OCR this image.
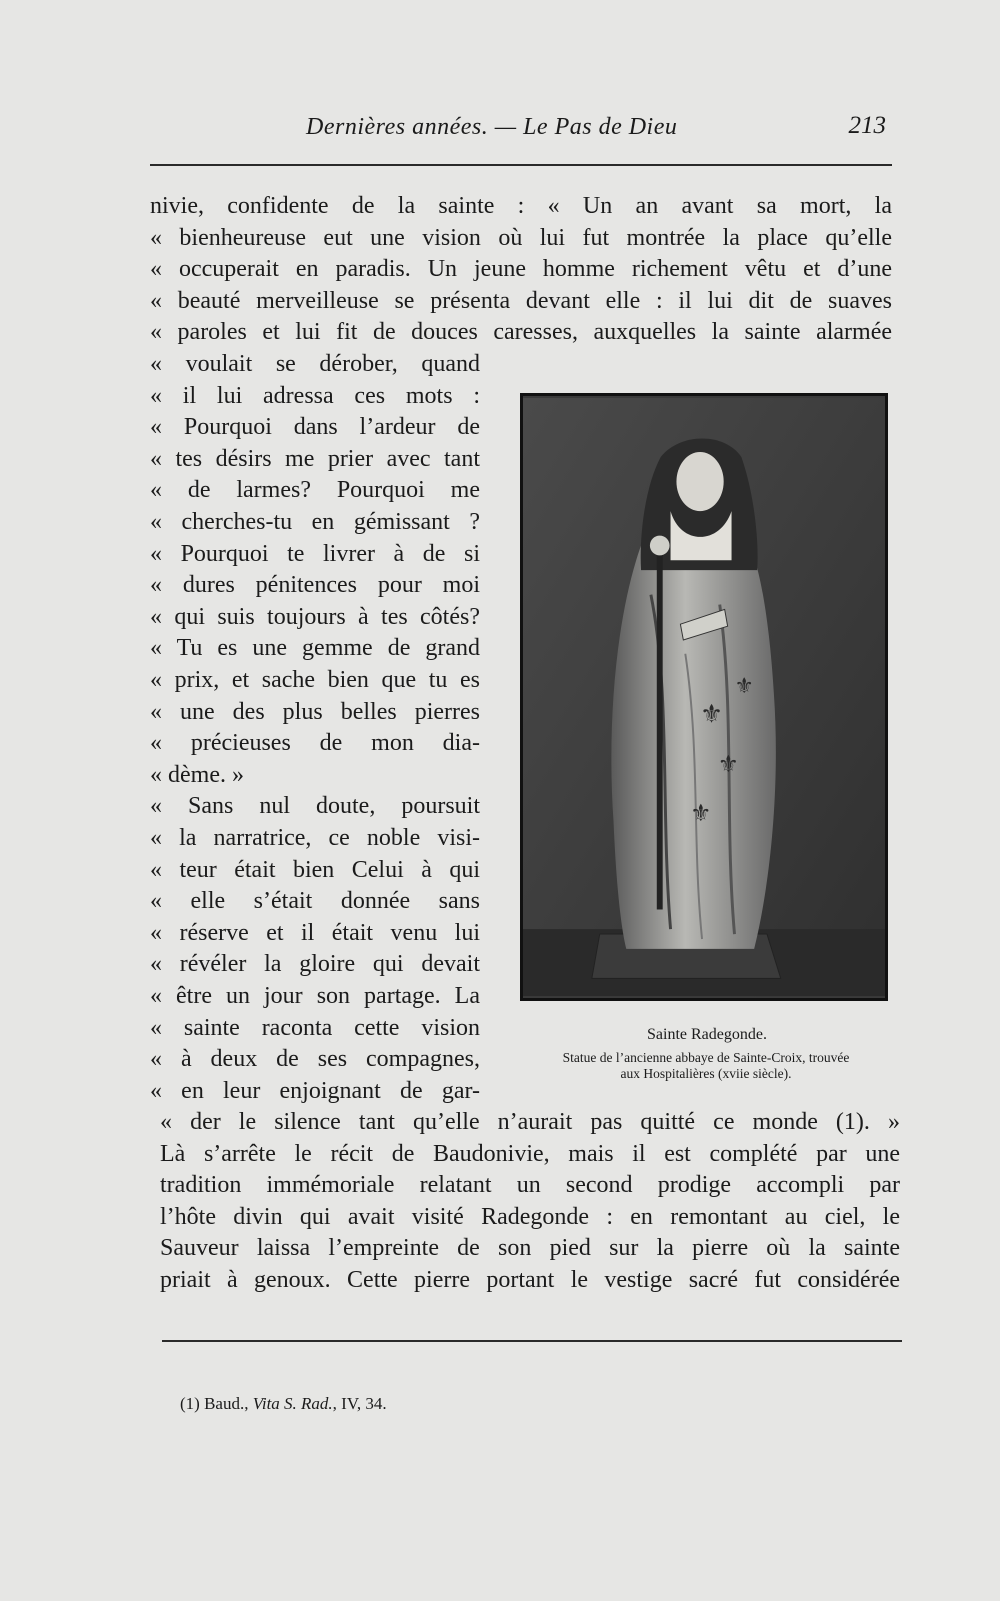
Dernières années. — Le Pas de Dieu	213
nivie, confidente de la sainte : « Un an avant sa mort, la
« bienheureuse eut une vision où lui fut montrée la place qu’elle
« occuperait en paradis. Un jeune homme richement vêtu et d’une
« beauté merveilleuse se présenta devant elle : il lui dit de suaves
« paroles et lui fit de douces caresses, auxquelles la sainte alarmée
« voulait se dérober, quand
« il lui adressa ces mots :
« Pourquoi dans l’ardeur de
« tes désirs me prier avec tant
« de larmes? Pourquoi me
« cherches-tu en gémissant ?
« Pourquoi te livrer à de si
« dures pénitences pour moi
« qui suis toujours à tes côtés?
« Tu es une gemme de grand
« prix, et sache bien que tu es
« une des plus belles pierres
« précieuses de mon dia-
« dème. »
« Sans nul doute, poursuit
« la narratrice, ce noble visi-
« teur était bien Celui à qui
« elle s’était donnée sans
« réserve et il était venu lui
« révéler la gloire qui devait
« être un jour son partage. La
« sainte raconta cette vision
« à deux de ses compagnes,
« en leur enjoignant de gar-
« der le silence tant qu’elle n’aurait pas quitté ce monde (1). »
Là s’arrête le récit de Baudonivie, mais il est complété par une
tradition immémoriale relatant un second prodige accompli par
l’hôte divin qui avait visité Radegonde : en remontant au ciel, le
Sauveur laissa l’empreinte de son pied sur la pierre où la sainte
priait à genoux. Cette pierre portant le vestige sacré fut considérée
⚜
⚜
⚜
⚜
Sainte Radegonde.
Statue de l’ancienne abbaye de Sainte-Croix, trouvée
aux Hospitalières (xviie siècle).
(1) Baud., Vita S. Rad., IV, 34.
